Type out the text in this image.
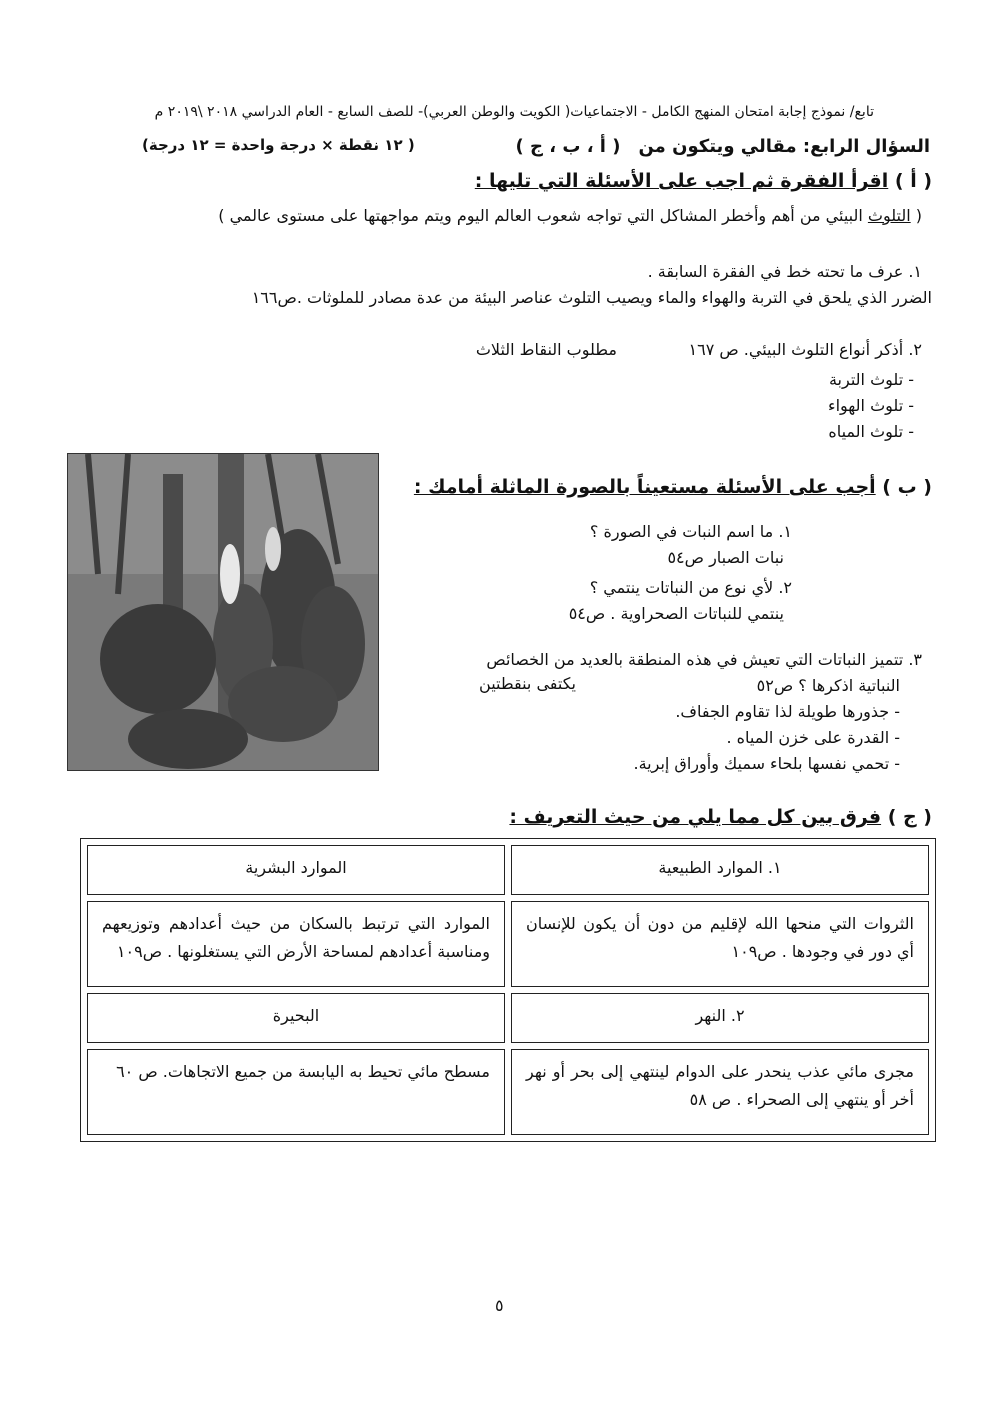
تابع/ نموذج إجابة امتحان المنهج الكامل - الاجتماعيات( الكويت والوطن العربي)- للصف السابع - العام الدراسي ٢٠١٨ \٢٠١٩ م
السؤال الرابع: مقالي ويتكون من( أ ، ب ، ج )
( ١٢ نقطة × درجة واحدة = ١٢ درجة)
( أ ) اقرأ الفقرة ثم اجب على الأسئلة التي تليها :
( التلوث البيئي من أهم وأخطر المشاكل التي تواجه شعوب العالم اليوم ويتم مواجهتها على مستوى عالمي )
١. عرف ما تحته خط في الفقرة السابقة .
الضرر الذي يلحق في التربة والهواء والماء ويصيب التلوث عناصر البيئة من عدة مصادر للملوثات .ص١٦٦
٢. أذكر أنواع التلوث البيئي. ص ١٦٧
مطلوب النقاط الثلاث
- تلوث التربة
- تلوث الهواء
- تلوث المياه
( ب ) أجب على الأسئلة مستعيناً بالصورة الماثلة أمامك :
١. ما اسم النبات في الصورة ؟
نبات الصبار ص٥٤
٢. لأي نوع من النباتات ينتمي ؟
ينتمي للنباتات الصحراوية . ص٥٤
٣. تتميز النباتات التي تعيش في هذه المنطقة بالعديد من الخصائص
النباتية اذكرها ؟ ص٥٢
يكتفى بنقطتين
- جذورها طويلة لذا تقاوم الجفاف.
- القدرة على خزن المياه .
- تحمي نفسها بلحاء سميك وأوراق إبرية.
( ج ) فرق بين كل مما يلي من حيث التعريف :
١. الموارد الطبيعية	الموارد البشرية
الثروات التي منحها الله لإقليم من دون أن يكون للإنسان أي دور في وجودها . ص١٠٩	الموارد التي ترتبط بالسكان من حيث أعدادهم وتوزيعهم ومناسبة أعدادهم لمساحة الأرض التي يستغلونها . ص١٠٩
٢. النهر	البحيرة
مجرى مائي عذب ينحدر على الدوام لينتهي إلى بحر أو نهر أخر أو ينتهي إلى الصحراء . ص ٥٨	مسطح مائي تحيط به اليابسة من جميع الاتجاهات. ص ٦٠
٥
